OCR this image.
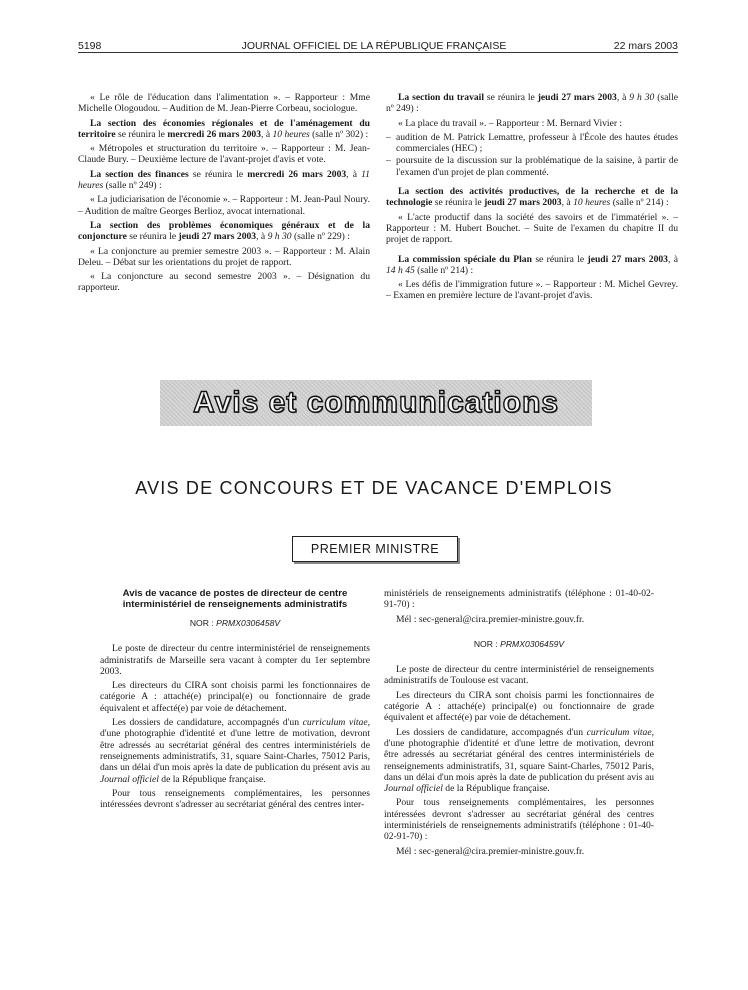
5198	JOURNAL OFFICIEL DE LA RÉPUBLIQUE FRANÇAISE	22 mars 2003

« Le rôle de l'éducation dans l'alimentation ». – Rapporteur : Mme Michelle Ologoudou. – Audition de M. Jean-Pierre Corbeau, sociologue.

La section des économies régionales et de l'aménagement du territoire se réunira le mercredi 26 mars 2003, à 10 heures (salle nº 302) :

« Métropoles et structuration du territoire ». – Rapporteur : M. Jean-Claude Bury. – Deuxième lecture de l'avant-projet d'avis et vote.

La section des finances se réunira le mercredi 26 mars 2003, à 11 heures (salle nº 249) :

« La judiciarisation de l'économie ». – Rapporteur : M. Jean-Paul Noury. – Audition de maître Georges Berlioz, avocat international.

La section des problèmes économiques généraux et de la conjoncture se réunira le jeudi 27 mars 2003, à 9 h 30 (salle nº 229) :

« La conjoncture au premier semestre 2003 ». – Rapporteur : M. Alain Deleu. – Débat sur les orientations du projet de rapport.

« La conjoncture au second semestre 2003 ». – Désignation du rapporteur.

La section du travail se réunira le jeudi 27 mars 2003, à 9 h 30 (salle nº 249) :

« La place du travail ». – Rapporteur : M. Bernard Vivier :

– audition de M. Patrick Lemattre, professeur à l'École des hautes études commerciales (HEC) ;
– poursuite de la discussion sur la problématique de la saisine, à partir de l'examen d'un projet de plan commenté.

La section des activités productives, de la recherche et de la technologie se réunira le jeudi 27 mars 2003, à 10 heures (salle nº 214) :

« L'acte productif dans la société des savoirs et de l'immatériel ». – Rapporteur : M. Hubert Bouchet. – Suite de l'examen du chapitre II du projet de rapport.

La commission spéciale du Plan se réunira le jeudi 27 mars 2003, à 14 h 45 (salle nº 214) :

« Les défis de l'immigration future ». – Rapporteur : M. Michel Gevrey. – Examen en première lecture de l'avant-projet d'avis.

Avis et communications
AVIS DE CONCOURS ET DE VACANCE D'EMPLOIS
PREMIER MINISTRE
Avis de vacance de postes de directeur de centre interministériel de renseignements administratifs
NOR : PRMX0306458V

Le poste de directeur du centre interministériel de renseignements administratifs de Marseille sera vacant à compter du 1er septembre 2003.

Les directeurs du CIRA sont choisis parmi les fonctionnaires de catégorie A : attaché(e) principal(e) ou fonctionnaire de grade équivalent et affecté(e) par voie de détachement.

Les dossiers de candidature, accompagnés d'un curriculum vitae, d'une photographie d'identité et d'une lettre de motivation, devront être adressés au secrétariat général des centres interministériels de renseignements administratifs, 31, square Saint-Charles, 75012 Paris, dans un délai d'un mois après la date de publication du présent avis au Journal officiel de la République française.

Pour tous renseignements complémentaires, les personnes intéressées devront s'adresser au secrétariat général des centres inter-

ministériels de renseignements administratifs (téléphone : 01-40-02-91-70) :

Mél : sec-general@cira.premier-ministre.gouv.fr.

NOR : PRMX0306459V

Le poste de directeur du centre interministériel de renseignements administratifs de Toulouse est vacant.

Les directeurs du CIRA sont choisis parmi les fonctionnaires de catégorie A : attaché(e) principal(e) ou fonctionnaire de grade équivalent et affecté(e) par voie de détachement.

Les dossiers de candidature, accompagnés d'un curriculum vitae, d'une photographie d'identité et d'une lettre de motivation, devront être adressés au secrétariat général des centres interministériels de renseignements administratifs, 31, square Saint-Charles, 75012 Paris, dans un délai d'un mois après la date de publication du présent avis au Journal officiel de la République française.

Pour tous renseignements complémentaires, les personnes intéressées devront s'adresser au secrétariat général des centres interministériels de renseignements administratifs (téléphone : 01-40-02-91-70) :

Mél : sec-general@cira.premier-ministre.gouv.fr.
